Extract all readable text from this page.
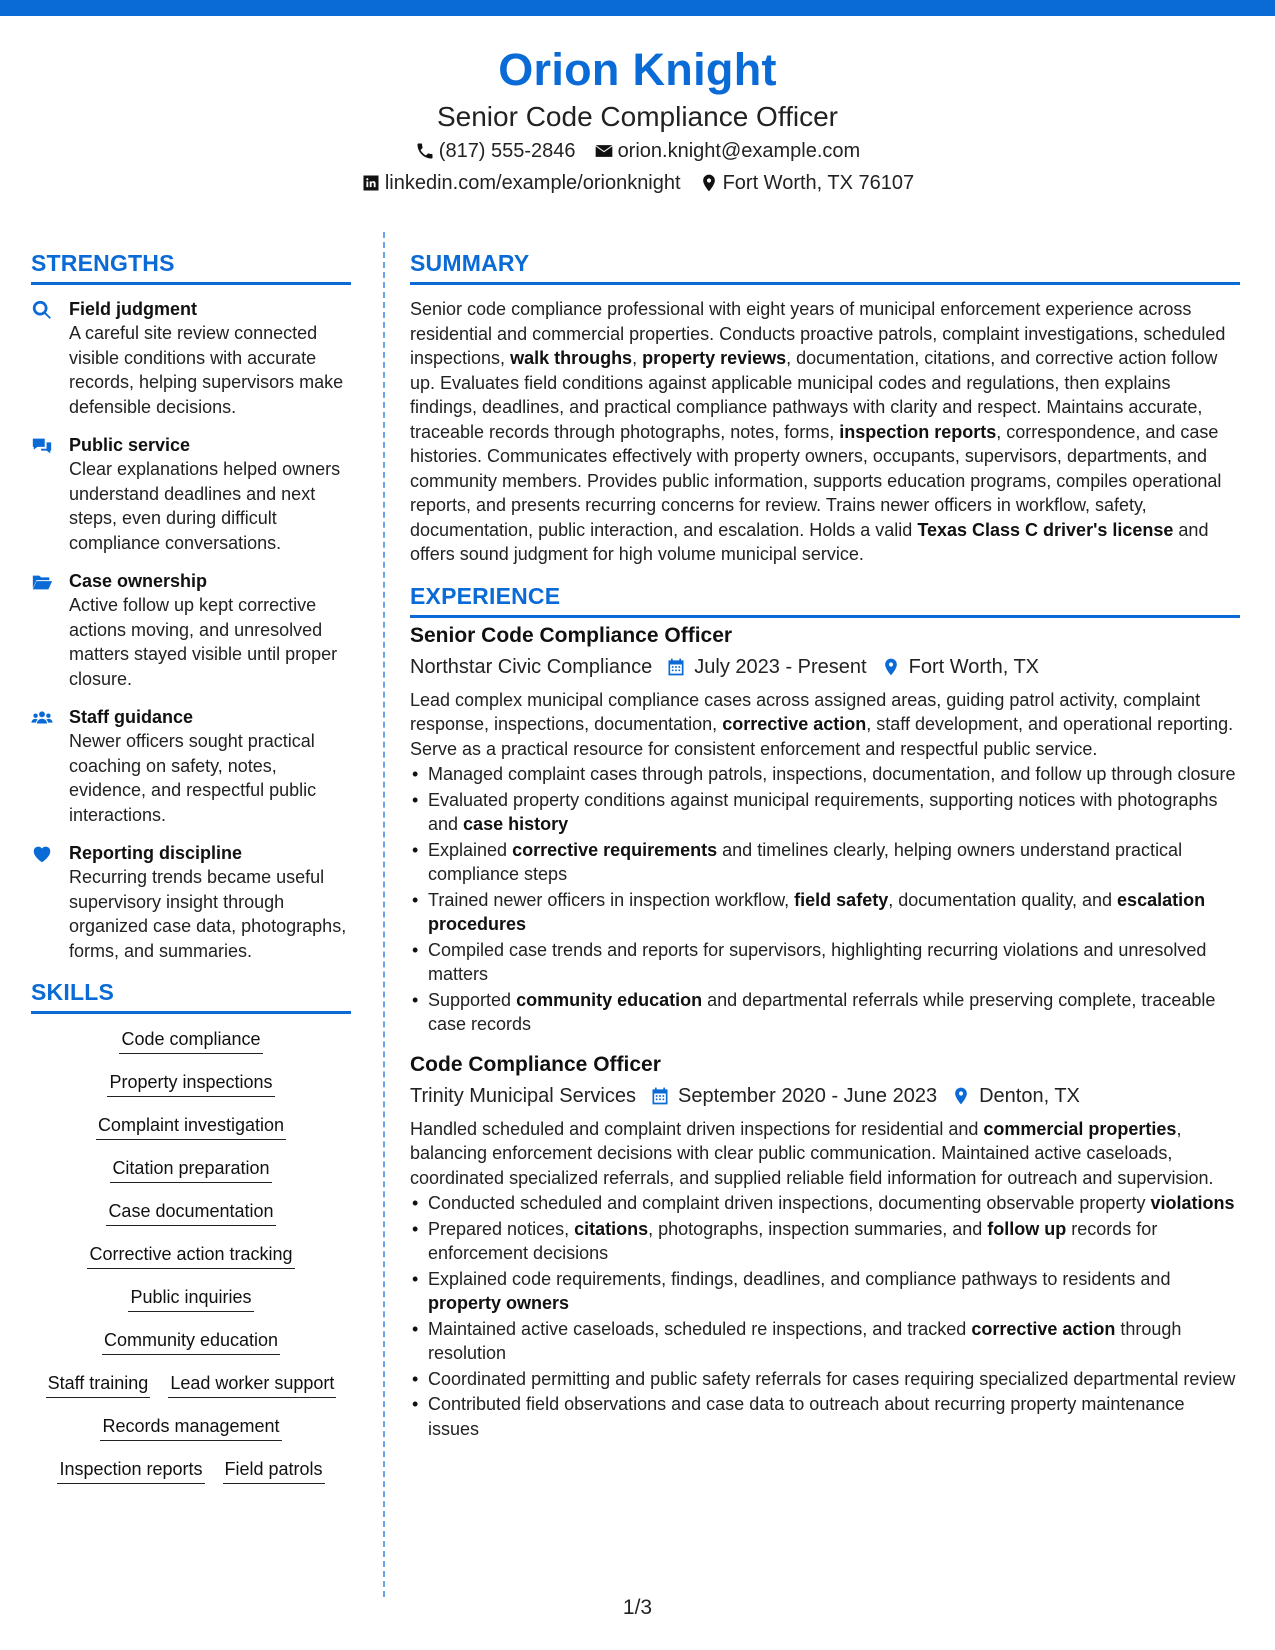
Orion Knight
Senior Code Compliance Officer
(817) 555-2846 orion.knight@example.com
linkedin.com/example/orionknight Fort Worth, TX 76107
STRENGTHS
Field judgment
A careful site review connected visible conditions with accurate records, helping supervisors make defensible decisions.
Public service
Clear explanations helped owners understand deadlines and next steps, even during difficult compliance conversations.
Case ownership
Active follow up kept corrective actions moving, and unresolved matters stayed visible until proper closure.
Staff guidance
Newer officers sought practical coaching on safety, notes, evidence, and respectful public interactions.
Reporting discipline
Recurring trends became useful supervisory insight through organized case data, photographs, forms, and summaries.
SKILLS
Code compliance
Property inspections
Complaint investigation
Citation preparation
Case documentation
Corrective action tracking
Public inquiries
Community education
Staff training Lead worker support
Records management
Inspection reports Field patrols
SUMMARY
Senior code compliance professional with eight years of municipal enforcement experience across residential and commercial properties. Conducts proactive patrols, complaint investigations, scheduled inspections, walk throughs, property reviews, documentation, citations, and corrective action follow up. Evaluates field conditions against applicable municipal codes and regulations, then explains findings, deadlines, and practical compliance pathways with clarity and respect. Maintains accurate, traceable records through photographs, notes, forms, inspection reports, correspondence, and case histories. Communicates effectively with property owners, occupants, supervisors, departments, and community members. Provides public information, supports education programs, compiles operational reports, and presents recurring concerns for review. Trains newer officers in workflow, safety, documentation, public interaction, and escalation. Holds a valid Texas Class C driver's license and offers sound judgment for high volume municipal service.
EXPERIENCE
Senior Code Compliance Officer
Northstar Civic Compliance July 2023 - Present Fort Worth, TX
Lead complex municipal compliance cases across assigned areas, guiding patrol activity, complaint response, inspections, documentation, corrective action, staff development, and operational reporting. Serve as a practical resource for consistent enforcement and respectful public service.
• Managed complaint cases through patrols, inspections, documentation, and follow up through closure
• Evaluated property conditions against municipal requirements, supporting notices with photographs and case history
• Explained corrective requirements and timelines clearly, helping owners understand practical compliance steps
• Trained newer officers in inspection workflow, field safety, documentation quality, and escalation procedures
• Compiled case trends and reports for supervisors, highlighting recurring violations and unresolved matters
• Supported community education and departmental referrals while preserving complete, traceable case records
Code Compliance Officer
Trinity Municipal Services September 2020 - June 2023 Denton, TX
Handled scheduled and complaint driven inspections for residential and commercial properties, balancing enforcement decisions with clear public communication. Maintained active caseloads, coordinated specialized referrals, and supplied reliable field information for outreach and supervision.
• Conducted scheduled and complaint driven inspections, documenting observable property violations
• Prepared notices, citations, photographs, inspection summaries, and follow up records for enforcement decisions
• Explained code requirements, findings, deadlines, and compliance pathways to residents and property owners
• Maintained active caseloads, scheduled re inspections, and tracked corrective action through resolution
• Coordinated permitting and public safety referrals for cases requiring specialized departmental review
• Contributed field observations and case data to outreach about recurring property maintenance issues
1/3
